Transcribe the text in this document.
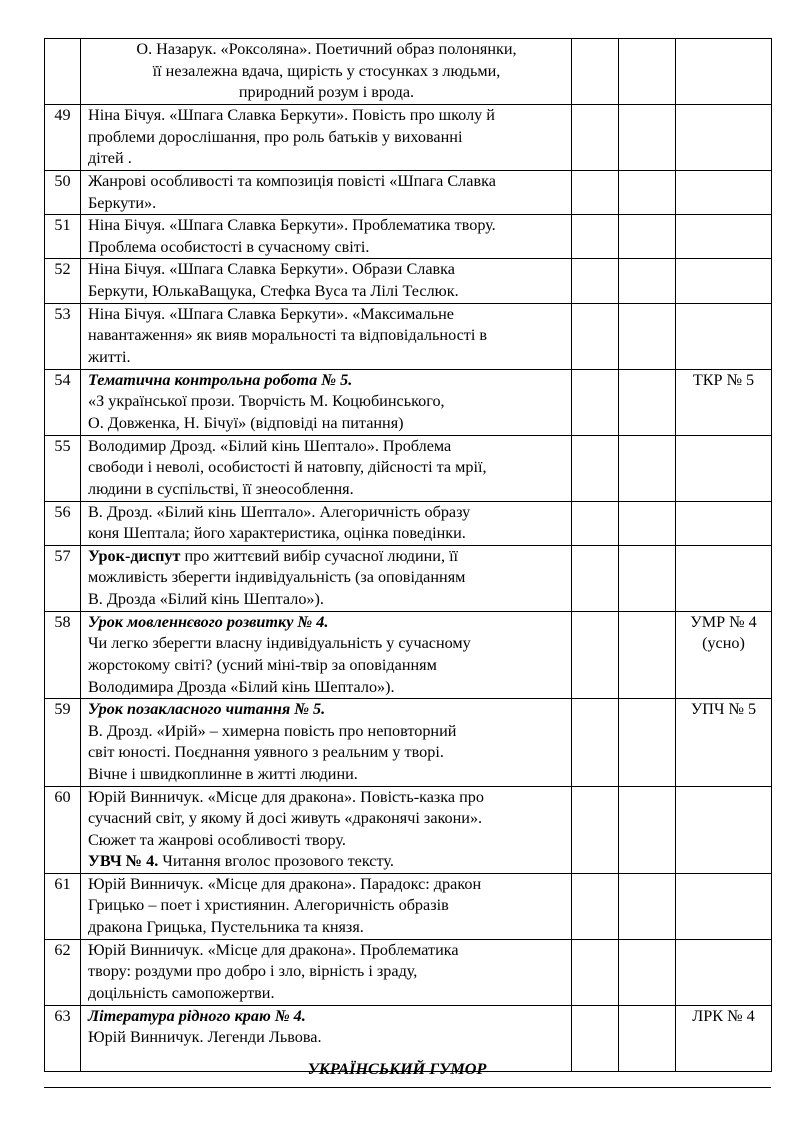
	О. Назарук. «Роксоляна». Поетичний образ полонянки,
її незалежна вдача, щирість у стосунках з людьми,
природний розум і врода.			

49	Ніна Бічуя. «Шпага Славка Беркути». Повість про школу й
проблеми дорослішання, про роль батьків у вихованні
дітей .			

50	Жанрові особливості та композиція повісті «Шпага Славка
Беркути».			

51	Ніна Бічуя. «Шпага Славка Беркути». Проблематика твору.
Проблема особистості в сучасному світі.			

52	Ніна Бічуя. «Шпага Славка Беркути». Образи Славка
Беркути, ЮлькаВащука, Стефка Вуса та Лілі Теслюк.			

53	Ніна Бічуя. «Шпага Славка Беркути». «Максимальне
навантаження» як вияв моральності та відповідальності в
житті.			

54	Тематична контрольна робота № 5.
«З української прози. Творчість М. Коцюбинського,
О. Довженка, Н. Бічуї» (відповіді на питання)			ТКР № 5

55	Володимир Дрозд. «Білий кінь Шептало». Проблема
свободи і неволі, особистості й натовпу, дійсності та мрії,
людини в суспільстві, її знеособлення.			

56	В. Дрозд. «Білий кінь Шептало». Алегоричність образу
коня Шептала; його характеристика, оцінка поведінки.			

57	Урок-диспут про життєвий вибір сучасної людини, її
можливість зберегти індивідуальність (за оповіданням
В. Дрозда «Білий кінь Шептало»).			

58	Урок мовленнєвого розвитку № 4.
Чи легко зберегти власну індивідуальність у сучасному
жорстокому світі? (усний міні-твір за оповіданням
Володимира Дрозда «Білий кінь Шептало»).			УМР № 4
(усно)

59	Урок позакласного читання № 5.
В. Дрозд. «Ирій» – химерна повість про неповторний
світ юності. Поєднання уявного з реальним у творі.
Вічне і швидкоплинне в житті людини.			УПЧ № 5

60	Юрій Винничук. «Місце для дракона». Повість-казка про
сучасний світ, у якому й досі живуть «драконячі закони».
Сюжет та жанрові особливості твору.
УВЧ № 4. Читання вголос прозового тексту.			

61	Юрій Винничук. «Місце для дракона». Парадокс: дракон
Грицько – поет і християнин. Алегоричність образів
дракона Грицька, Пустельника та князя.			

62	Юрій Винничук. «Місце для дракона». Проблематика
твору: роздуми про добро і зло, вірність і зраду,
доцільність самопожертви.			

63	Література рідного краю № 4.
Юрій Винничук. Легенди Львова.			ЛРК № 4
УКРАЇНСЬКИЙ ГУМОР
